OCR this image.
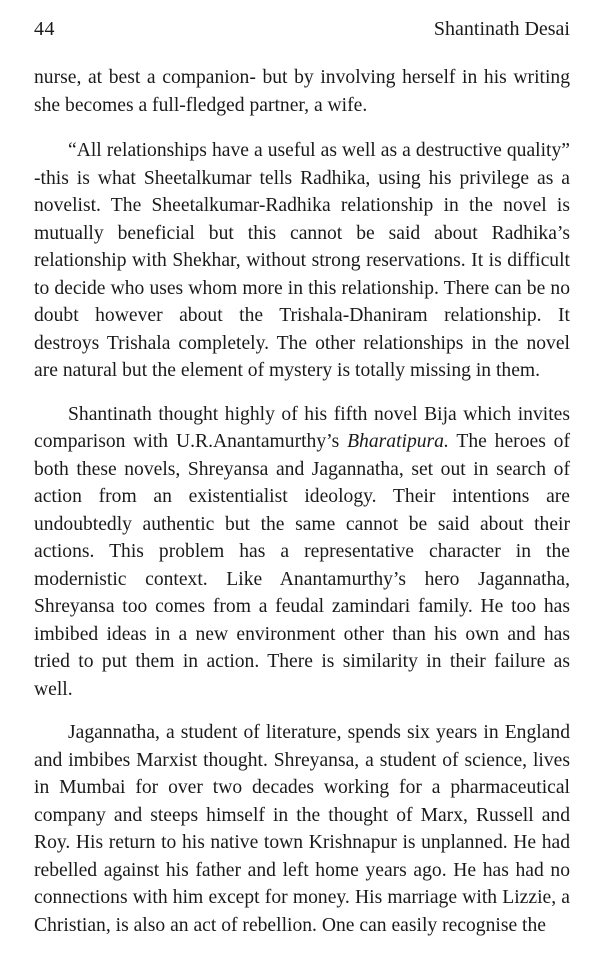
44	Shantinath Desai

nurse, at best a companion- but by involving herself in his writing she becomes a full-fledged partner, a wife.

“All relationships have a useful as well as a destructive quality” -this is what Sheetalkumar tells Radhika, using his privilege as a novelist. The Sheetalkumar-Radhika relationship in the novel is mutually beneficial but this cannot be said about Radhika’s relationship with Shekhar, without strong reservations. It is difficult to decide who uses whom more in this relationship. There can be no doubt however about the Trishala-Dhaniram relationship. It destroys Trishala completely. The other relationships in the novel are natural but the element of mystery is totally missing in them.

Shantinath thought highly of his fifth novel Bija which invites comparison with U.R.Anantamurthy’s Bharatipura. The heroes of both these novels, Shreyansa and Jagannatha, set out in search of action from an existentialist ideology. Their intentions are undoubtedly authentic but the same cannot be said about their actions. This problem has a representative character in the modernistic context. Like Anantamurthy’s hero Jagannatha, Shreyansa too comes from a feudal zamindari family. He too has imbibed ideas in a new environment other than his own and has tried to put them in action. There is similarity in their failure as well.

Jagannatha, a student of literature, spends six years in England and imbibes Marxist thought. Shreyansa, a student of science, lives in Mumbai for over two decades working for a pharmaceutical company and steeps himself in the thought of Marx, Russell and Roy. His return to his native town Krishnapur is unplanned. He had rebelled against his father and left home years ago. He has had no connections with him except for money. His marriage with Lizzie, a Christian, is also an act of rebellion. One can easily recognise the
